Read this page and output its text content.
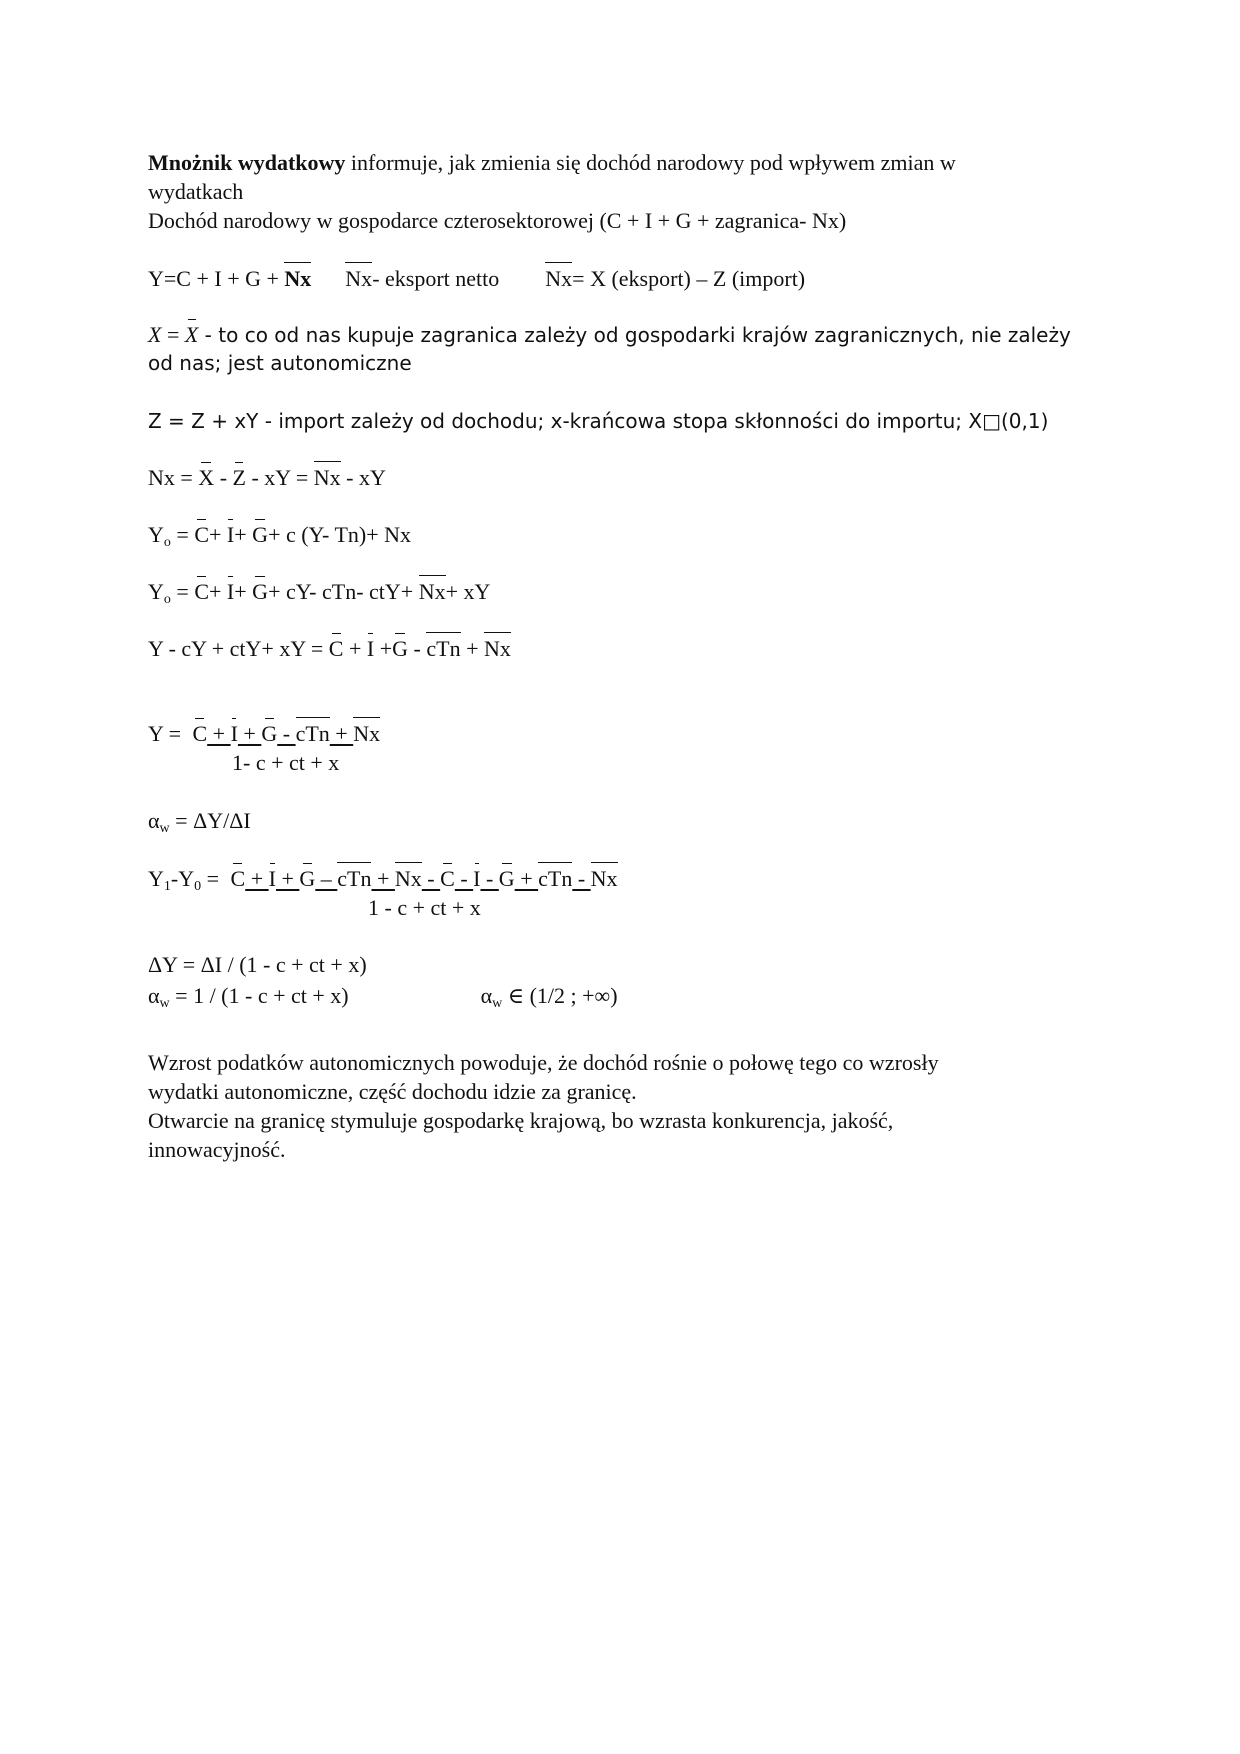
Mnożnik wydatkowy informuje, jak zmienia się dochód narodowy pod wpływem zmian w
wydatkach
Dochód narodowy w gospodarce czterosektorowej (C + I + G + zagranica- Nx)
Y=C + I + G + Nx Nx- eksport netto Nx= X (eksport) – Z (import)
X = X - to co od nas kupuje zagranica zależy od gospodarki krajów zagranicznych, nie zależy
od nas; jest autonomiczne
Z = Z + xY - import zależy od dochodu; x-krańcowa stopa skłonności do importu; X□(0,1)
Nx = X - Z - xY = Nx - xY
$Y_o = C+ I+ G+ c$ (Y- Tn)+ Nx
$Y_o = C+ I+ G+ cY-$ cTn- ctY+ Nx+ xY
Y - cY + ctY+ xY = C + I +G - cTn + Nx
Y = C + I + G - cTn + Nx
1- c + ct + x
$\alpha_w = \Delta Y/\Delta I$
$Y_1-Y_0 = C + I + G$ – cTn + Nx - C - I - G + cTn - Nx
1 - c + ct + x
ΔY = ΔI / (1 - c + ct + x)
$\alpha_w = 1 / (1 - c$ + ct + x)	$\alpha_w$ ∈ (1/2 ; +∞)
Wzrost podatków autonomicznych powoduje, że dochód rośnie o połowę tego co wzrosły
wydatki autonomiczne, część dochodu idzie za granicę.
Otwarcie na granicę stymuluje gospodarkę krajową, bo wzrasta konkurencja, jakość,
innowacyjność.
